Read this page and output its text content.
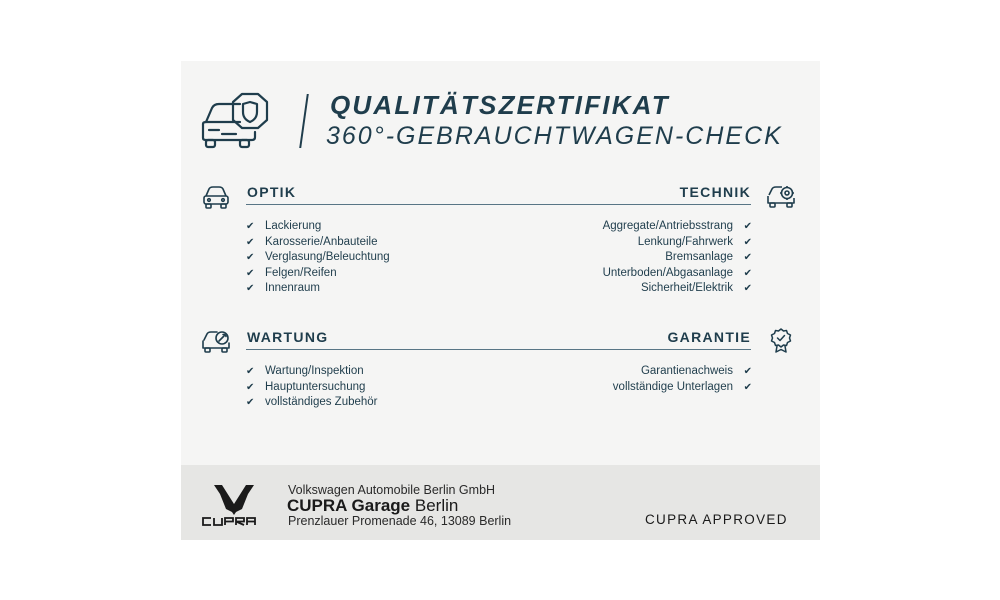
QUALITÄTSZERTIFIKAT
360°-GEBRAUCHTWAGEN-CHECK
OPTIK
✔ Lackierung
✔ Karosserie/Anbauteile
✔ Verglasung/Beleuchtung
✔ Felgen/Reifen
✔ Innenraum
TECHNIK
Aggregate/Antriebsstrang ✔
Lenkung/Fahrwerk ✔
Bremsanlage ✔
Unterboden/Abgasanlage ✔
Sicherheit/Elektrik ✔
WARTUNG
✔ Wartung/Inspektion
✔ Hauptuntersuchung
✔ vollständiges Zubehör
GARANTIE
Garantienachweis ✔
vollständige Unterlagen ✔
Volkswagen Automobile Berlin GmbH
CUPRA Garage Berlin
Prenzlauer Promenade 46, 13089 Berlin	CUPRA APPROVED
